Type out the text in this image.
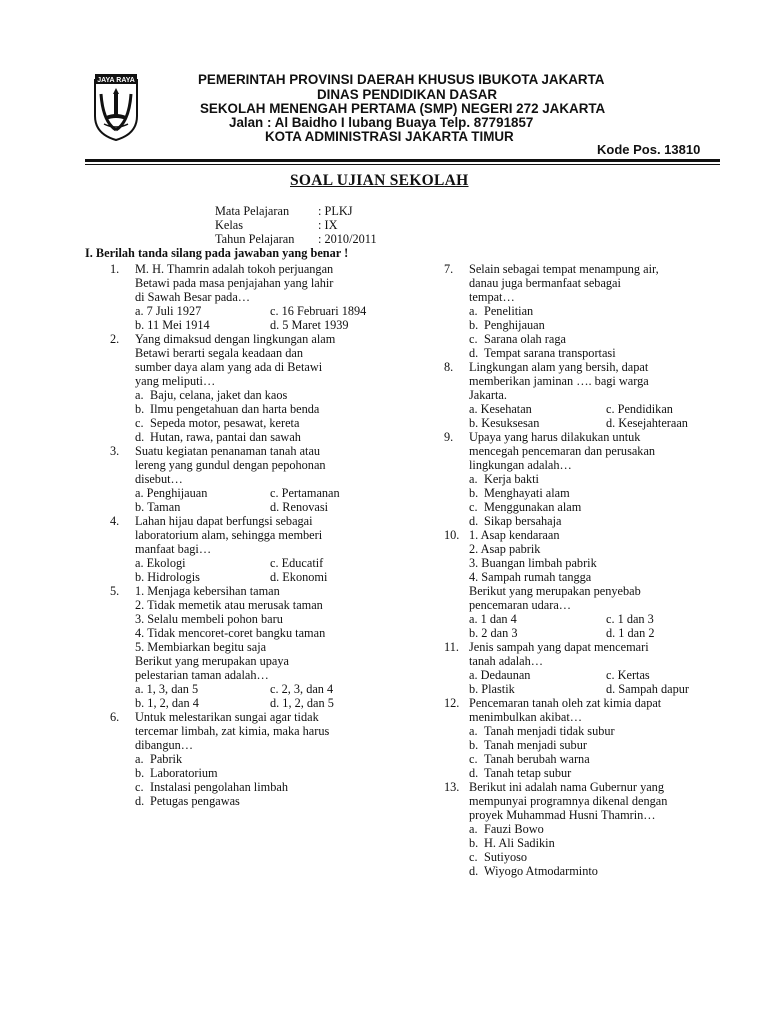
JAYA RAYA	PEMERINTAH PROVINSI DAERAH KHUSUS IBUKOTA JAKARTA
DINAS PENDIDIKAN DASAR
SEKOLAH MENENGAH PERTAMA (SMP) NEGERI 272 JAKARTA
Jalan : Al Baidho I lubang Buaya Telp. 87791857
KOTA ADMINISTRASI JAKARTA TIMUR
Kode Pos. 13810
SOAL UJIAN SEKOLAH
Mata Pelajaran : PLKJ
Kelas	: IX
Tahun Pelajaran : 2010/2011
I. Berilah tanda silang pada jawaban yang benar !
1.	M. H. Thamrin adalah tokoh perjuangan
Betawi pada masa penjajahan yang lahir
di Sawah Besar pada…
a. 7 Juli 1927	c. 16 Februari 1894
b. 11 Mei 1914	d. 5 Maret 1939
2.	Yang dimaksud dengan lingkungan alam
Betawi berarti segala keadaan dan
sumber daya alam yang ada di Betawi
yang meliputi…
a. Baju, celana, jaket dan kaos
b. Ilmu pengetahuan dan harta benda
c. Sepeda motor, pesawat, kereta
d. Hutan, rawa, pantai dan sawah
3.	Suatu kegiatan penanaman tanah atau
lereng yang gundul dengan pepohonan
disebut…
a. Penghijauan	c. Pertamanan
b. Taman	d. Renovasi
4.	Lahan hijau dapat berfungsi sebagai
laboratorium alam, sehingga memberi
manfaat bagi…
a. Ekologi	c. Educatif
b. Hidrologis	d. Ekonomi
5.	1. Menjaga kebersihan taman
2. Tidak memetik atau merusak taman
3. Selalu membeli pohon baru
4. Tidak mencoret-coret bangku taman
5. Membiarkan begitu saja
Berikut yang merupakan upaya
pelestarian taman adalah…
a. 1, 3, dan 5	c. 2, 3, dan 4
b. 1, 2, dan 4	d. 1, 2, dan 5
6.	Untuk melestarikan sungai agar tidak
tercemar limbah, zat kimia, maka harus
dibangun…
a. Pabrik
b. Laboratorium
c. Instalasi pengolahan limbah
d. Petugas pengawas
7.	Selain sebagai tempat menampung air,
danau juga bermanfaat sebagai
tempat…
a. Penelitian
b. Penghijauan
c. Sarana olah raga
d. Tempat sarana transportasi
8.	Lingkungan alam yang bersih, dapat
memberikan jaminan …. bagi warga
Jakarta.
a. Kesehatan	c. Pendidikan
b. Kesuksesan	d. Kesejahteraan
9.	Upaya yang harus dilakukan untuk
mencegah pencemaran dan perusakan
lingkungan adalah…
a. Kerja bakti
b. Menghayati alam
c. Menggunakan alam
d. Sikap bersahaja
10. 1. Asap kendaraan
2. Asap pabrik
3. Buangan limbah pabrik
4. Sampah rumah tangga
Berikut yang merupakan penyebab
pencemaran udara…
a. 1 dan 4	c. 1 dan 3
b. 2 dan 3	d. 1 dan 2
11. Jenis sampah yang dapat mencemari
tanah adalah…
a. Dedaunan	c. Kertas
b. Plastik	d. Sampah dapur
12. Pencemaran tanah oleh zat kimia dapat
menimbulkan akibat…
a. Tanah menjadi tidak subur
b. Tanah menjadi subur
c. Tanah berubah warna
d. Tanah tetap subur
13. Berikut ini adalah nama Gubernur yang
mempunyai programnya dikenal dengan
proyek Muhammad Husni Thamrin…
a. Fauzi Bowo
b. H. Ali Sadikin
c. Sutiyoso
d. Wiyogo Atmodarminto
